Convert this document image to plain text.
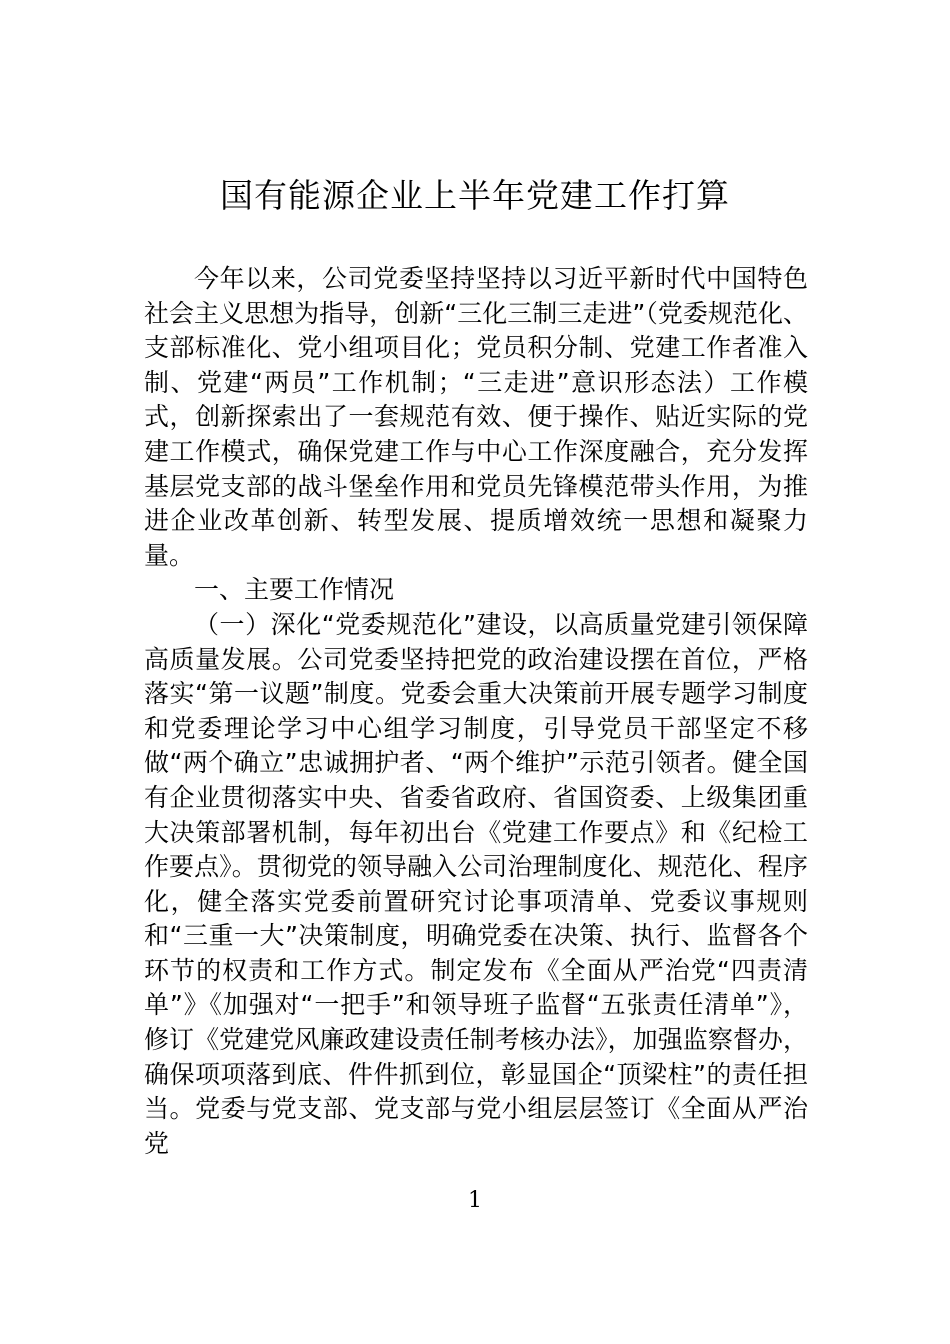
国有能源企业上半年党建工作打算

今年以来，公司党委坚持坚持以习近平新时代中国特色社会主义思想为指导，创新“三化三制三走进”（党委规范化、支部标准化、党小组项目化；党员积分制、党建工作者准入制、党建“两员”工作机制；“三走进”意识形态法）工作模式，创新探索出了一套规范有效、便于操作、贴近实际的党建工作模式，确保党建工作与中心工作深度融合，充分发挥基层党支部的战斗堡垒作用和党员先锋模范带头作用，为推进企业改革创新、转型发展、提质增效统一思想和凝聚力量。

一、主要工作情况

（一）深化“党委规范化”建设，以高质量党建引领保障高质量发展。公司党委坚持把党的政治建设摆在首位，严格落实“第一议题”制度。党委会重大决策前开展专题学习制度和党委理论学习中心组学习制度，引导党员干部坚定不移做“两个确立”忠诚拥护者、“两个维护”示范引领者。健全国有企业贯彻落实中央、省委省政府、省国资委、上级集团重大决策部署机制，每年初出台《党建工作要点》和《纪检工作要点》。贯彻党的领导融入公司治理制度化、规范化、程序化，健全落实党委前置研究讨论事项清单、党委议事规则和“三重一大”决策制度，明确党委在决策、执行、监督各个环节的权责和工作方式。制定发布《全面从严治党“四责清单”》《加强对“一把手”和领导班子监督“五张责任清单”》，修订《党建党风廉政建设责任制考核办法》，加强监察督办，确保项项落到底、件件抓到位，彰显国企“顶梁柱”的责任担当。党委与党支部、党支部与党小组层层签订《全面从严治党

1
